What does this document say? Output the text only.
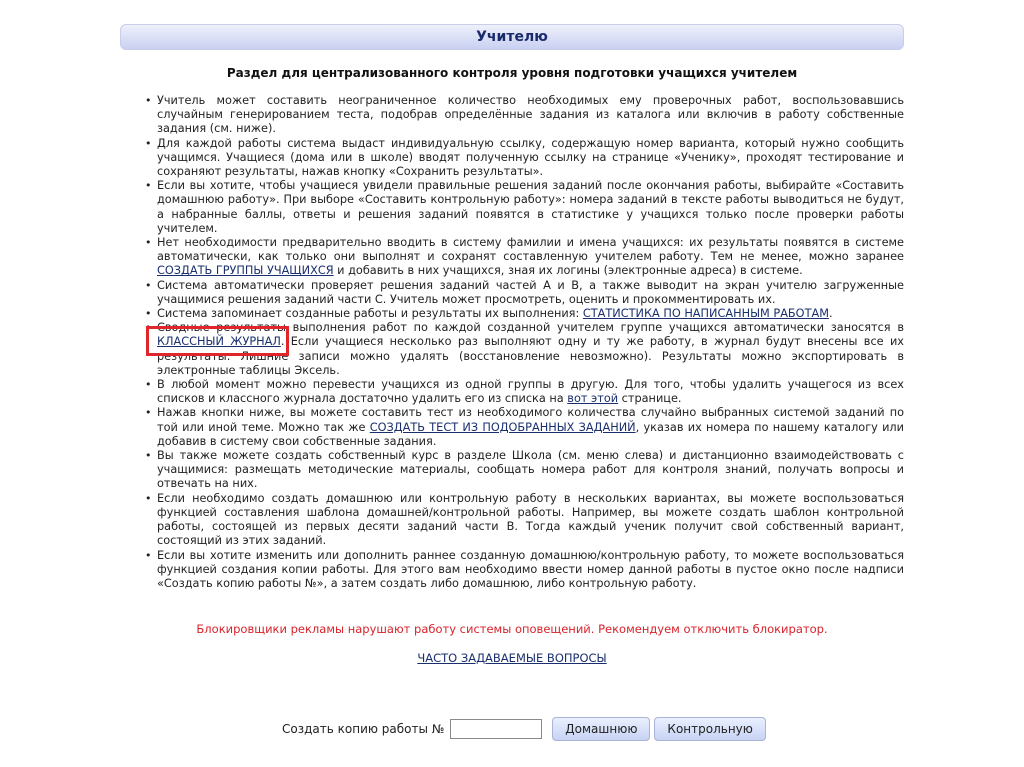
Учителю
Раздел для централизованного контроля уровня подготовки учащихся учителем
• Учитель может составить неограниченное количество необходимых ему проверочных работ, воспользовавшись случайным генерированием теста, подобрав определённые задания из каталога или включив в работу собственные задания (см. ниже).
• Для каждой работы система выдаст индивидуальную ссылку, содержащую номер варианта, который нужно сообщить учащимся. Учащиеся (дома или в школе) вводят полученную ссылку на странице «Ученику», проходят тестирование и сохраняют результаты, нажав кнопку «Сохранить результаты».
• Если вы хотите, чтобы учащиеся увидели правильные решения заданий после окончания работы, выбирайте «Составить домашнюю работу». При выборе «Составить контрольную работу»: номера заданий в тексте работы выводиться не будут, а набранные баллы, ответы и решения заданий появятся в статистике у учащихся только после проверки работы учителем.
• Нет необходимости предварительно вводить в систему фамилии и имена учащихся: их результаты появятся в системе автоматически, как только они выполнят и сохранят составленную учителем работу. Тем не менее, можно заранее СОЗДАТЬ ГРУППЫ УЧАЩИХСЯ и добавить в них учащихся, зная их логины (электронные адреса) в системе.
• Система автоматически проверяет решения заданий частей A и B, а также выводит на экран учителю загруженные учащимися решения заданий части C. Учитель может просмотреть, оценить и прокомментировать их.
• Система запоминает созданные работы и результаты их выполнения: СТАТИСТИКА ПО НАПИСАННЫМ РАБОТАМ.
• Сводные результаты выполнения работ по каждой созданной учителем группе учащихся автоматически заносятся в КЛАССНЫЙ ЖУРНАЛ. Если учащиеся несколько раз выполняют одну и ту же работу, в журнал будут внесены все их результаты. Лишние записи можно удалять (восстановление невозможно). Результаты можно экспортировать в электронные таблицы Эксель.
• В любой момент можно перевести учащихся из одной группы в другую. Для того, чтобы удалить учащегося из всех списков и классного журнала достаточно удалить его из списка на вот этой странице.
• Нажав кнопки ниже, вы можете составить тест из необходимого количества случайно выбранных системой заданий по той или иной теме. Можно так же СОЗДАТЬ ТЕСТ ИЗ ПОДОБРАННЫХ ЗАДАНИЙ, указав их номера по нашему каталогу или добавив в систему свои собственные задания.
• Вы также можете создать собственный курс в разделе Школа (см. меню слева) и дистанционно взаимодействовать с учащимися: размещать методические материалы, сообщать номера работ для контроля знаний, получать вопросы и отвечать на них.
• Если необходимо создать домашнюю или контрольную работу в нескольких вариантах, вы можете воспользоваться функцией составления шаблона домашней/контрольной работы. Например, вы можете создать шаблон контрольной работы, состоящей из первых десяти заданий части B. Тогда каждый ученик получит свой собственный вариант, состоящий из этих заданий.
• Если вы хотите изменить или дополнить раннее созданную домашнюю/контрольную работу, то можете воспользоваться функцией создания копии работы. Для этого вам необходимо ввести номер данной работы в пустое окно после надписи «Создать копию работы №», а затем создать либо домашнюю, либо контрольную работу.
Блокировщики рекламы нарушают работу системы оповещений. Рекомендуем отключить блокиратор.
ЧАСТО ЗАДАВАЕМЫЕ ВОПРОСЫ
Создать копию работы №	Домашнюю	Контрольную
